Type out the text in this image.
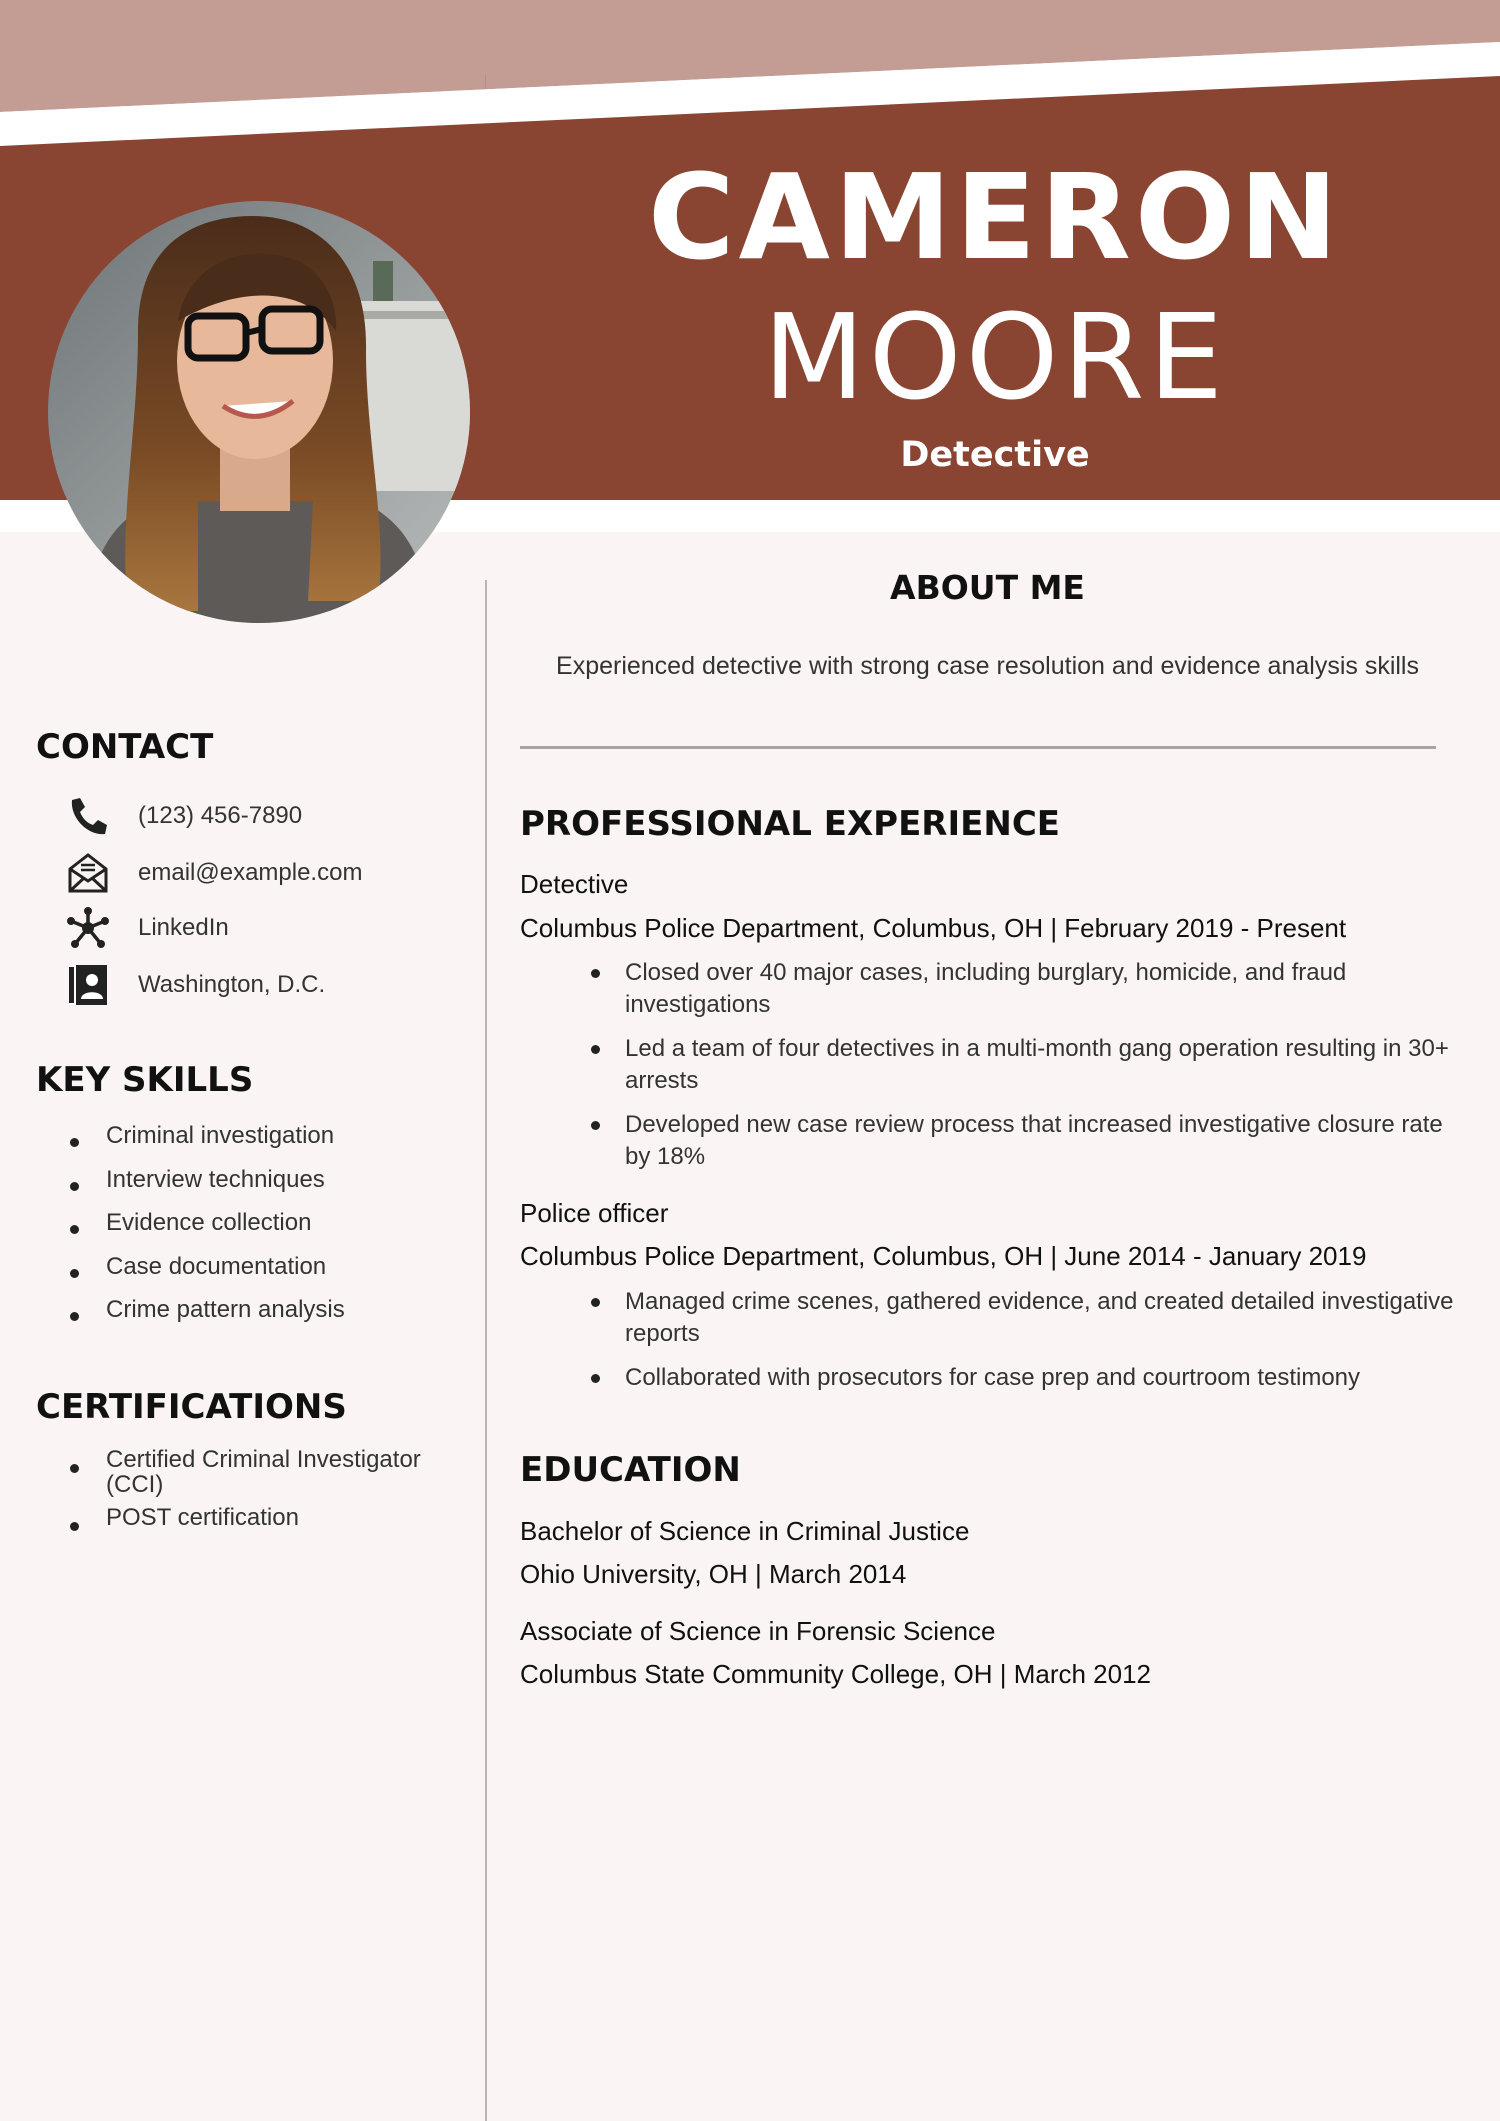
CAMERON
MOORE
Detective
CONTACT
(123) 456-7890
email@example.com
LinkedIn
Washington, D.C.
KEY SKILLS
Criminal investigation
Interview techniques
Evidence collection
Case documentation
Crime pattern analysis
CERTIFICATIONS
Certified Criminal Investigator (CCI)
POST certification
ABOUT ME

Experienced detective with strong case resolution and evidence analysis skills

PROFESSIONAL EXPERIENCE

Detective

Columbus Police Department, Columbus, OH | February 2019 - Present

Closed over 40 major cases, including burglary, homicide, and fraud investigations
Led a team of four detectives in a multi-month gang operation resulting in 30+ arrests
Developed new case review process that increased investigative closure rate by 18%

Police officer

Columbus Police Department, Columbus, OH | June 2014 - January 2019

Managed crime scenes, gathered evidence, and created detailed investigative reports
Collaborated with prosecutors for case prep and courtroom testimony
EDUCATION

Bachelor of Science in Criminal Justice

Ohio University, OH | March 2014

Associate of Science in Forensic Science

Columbus State Community College, OH | March 2012
